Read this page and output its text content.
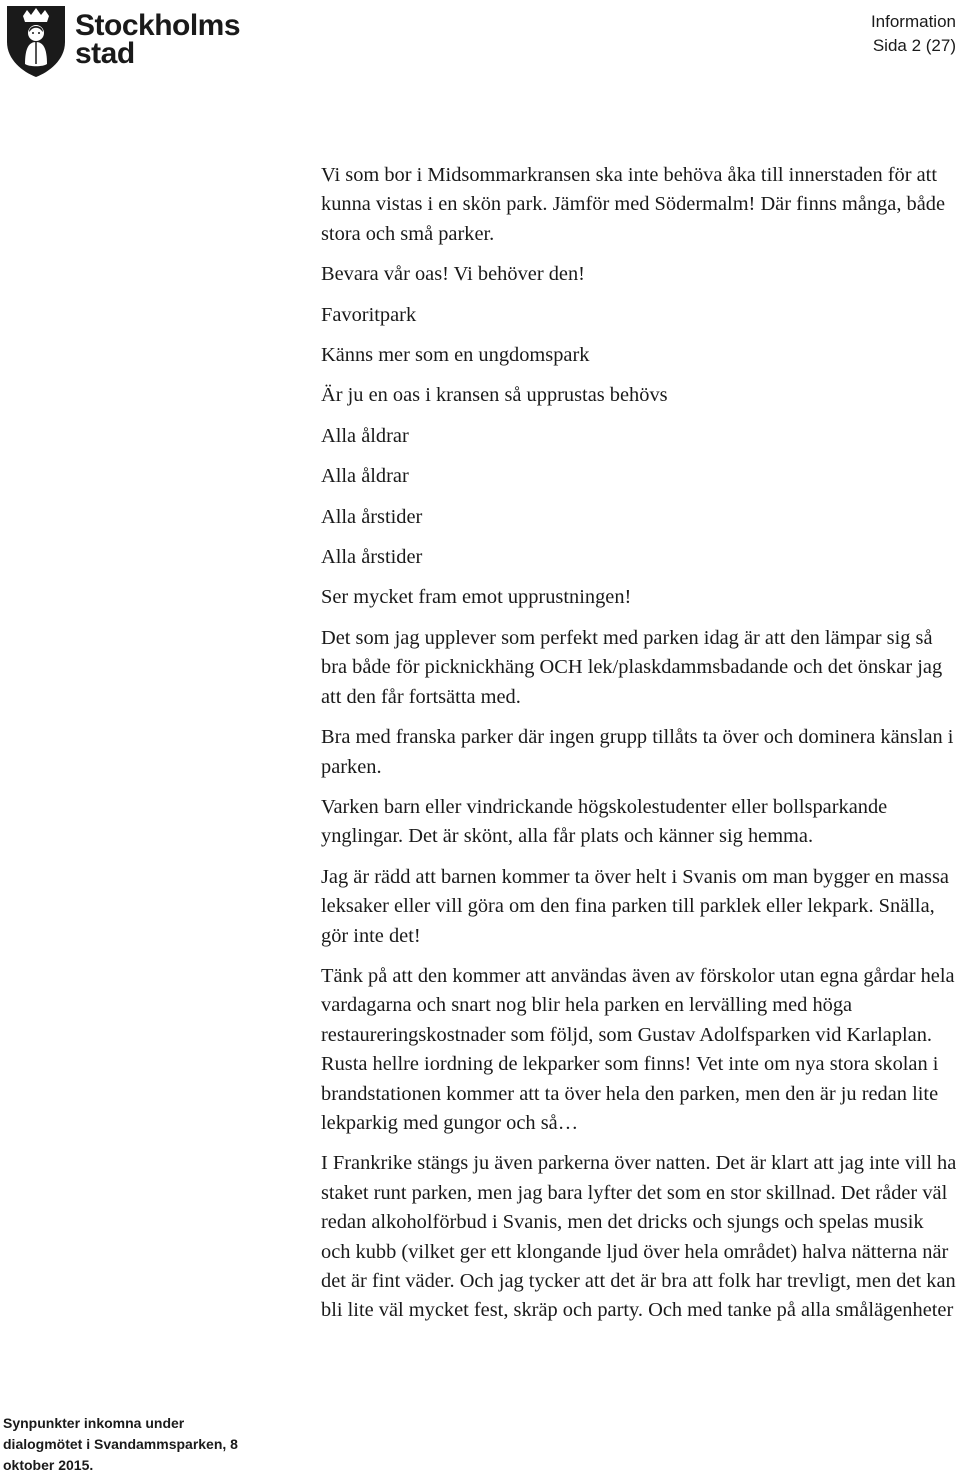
Stockholms
stad
Information
Sida 2 (27)

Vi som bor i Midsommarkransen ska inte behöva åka till innerstaden för att kunna vistas i en skön park. Jämför med Södermalm! Där finns många, både stora och små parker.

Bevara vår oas! Vi behöver den!

Favoritpark

Känns mer som en ungdomspark

Är ju en oas i kransen så upprustas behövs

Alla åldrar

Alla åldrar

Alla årstider

Alla årstider

Ser mycket fram emot upprustningen!

Det som jag upplever som perfekt med parken idag är att den lämpar sig så bra både för picknickhäng OCH lek/plaskdammsbadande och det önskar jag att den får fortsätta med.

Bra med franska parker där ingen grupp tillåts ta över och dominera känslan i parken.

Varken barn eller vindrickande högskolestudenter eller bollsparkande ynglingar. Det är skönt, alla får plats och känner sig hemma.

Jag är rädd att barnen kommer ta över helt i Svanis om man bygger en massa leksaker eller vill göra om den fina parken till parklek eller lekpark. Snälla, gör inte det!

Tänk på att den kommer att användas även av förskolor utan egna gårdar hela vardagarna och snart nog blir hela parken en lervälling med höga restaureringskostnader som följd, som Gustav Adolfsparken vid Karlaplan. Rusta hellre iordning de lekparker som finns! Vet inte om nya stora skolan i brandstationen kommer att ta över hela den parken, men den är ju redan lite lekparkig med gungor och så…

I Frankrike stängs ju även parkerna över natten. Det är klart att jag inte vill ha staket runt parken, men jag bara lyfter det som en stor skillnad. Det råder väl redan alkoholförbud i Svanis, men det dricks och sjungs och spelas musik och kubb (vilket ger ett klongande ljud över hela området) halva nätterna när det är fint väder. Och jag tycker att det är bra att folk har trevligt, men det kan bli lite väl mycket fest, skräp och party. Och med tanke på alla smålägenheter

Synpunkter inkomna under
dialogmötet i Svandammsparken, 8
oktober 2015.
